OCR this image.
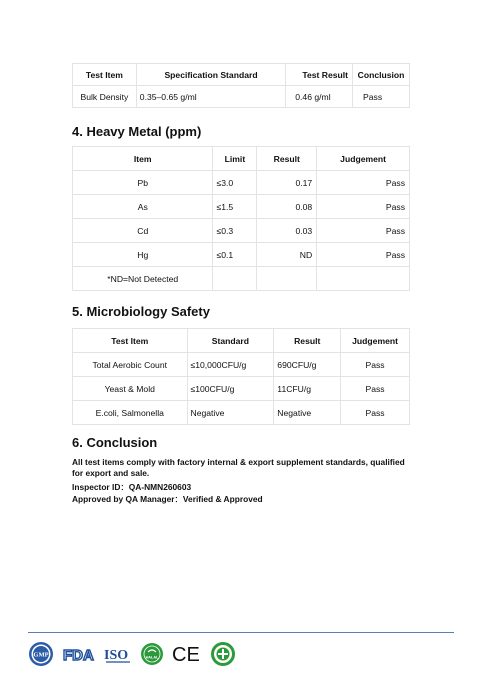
Test Item	Specification Standard	Test Result	Conclusion
Bulk Density	0.35–0.65 g/ml	0.46 g/ml	Pass
4. Heavy Metal (ppm)
Item	Limit	Result	Judgement
Pb	≤3.0	0.17	Pass
As	≤1.5	0.08	Pass
Cd	≤0.3	0.03	Pass
Hg	≤0.1	ND	Pass
*ND=Not Detected			
5. Microbiology Safety
Test Item	Standard	Result	Judgement
Total Aerobic Count	≤10,000CFU/g	690CFU/g	Pass
Yeast & Mold	≤100CFU/g	11CFU/g	Pass
E.coli, Salmonella	Negative	Negative	Pass
6. Conclusion
All test items comply with factory internal & export supplement standards, qualified for export and sale.
Inspector ID：QA-NMN260603
Approved by QA Manager：Verified & Approved
GMP FDA ISO	HALAL CE
